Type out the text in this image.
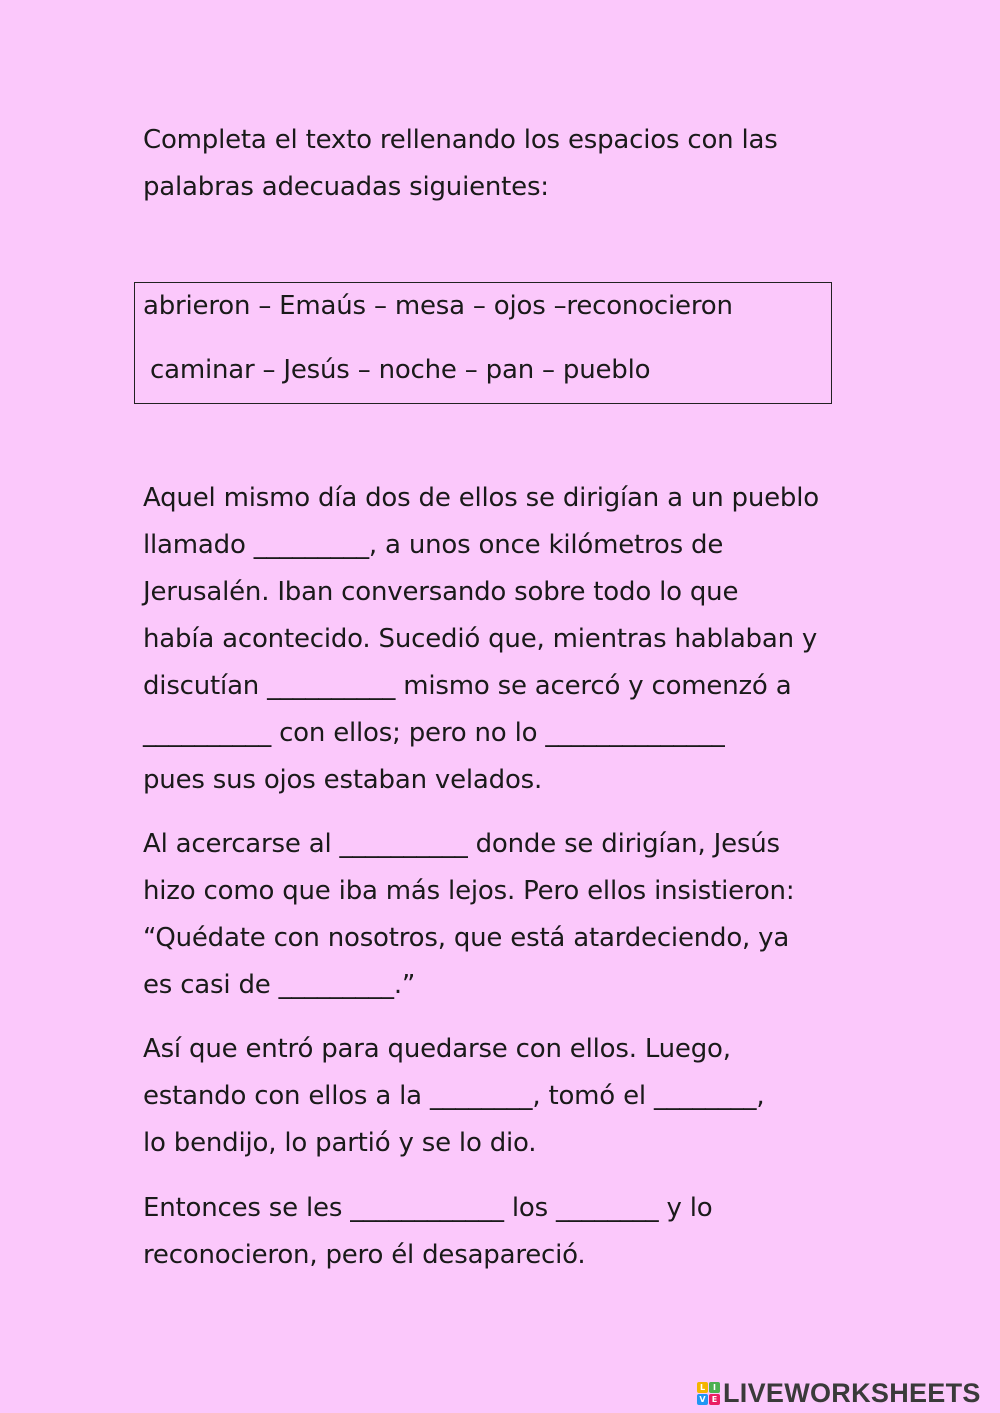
Completa el texto rellenando los espacios con las
palabras adecuadas siguientes:
abrieron – Emaús – mesa – ojos –reconocieron
caminar – Jesús – noche – pan – pueblo
Aquel mismo día dos de ellos se dirigían a un pueblo
llamado _________, a unos once kilómetros de
Jerusalén. Iban conversando sobre todo lo que
había acontecido. Sucedió que, mientras hablaban y
discutían __________ mismo se acercó y comenzó a
__________ con ellos; pero no lo ______________
pues sus ojos estaban velados.
Al acercarse al __________ donde se dirigían, Jesús
hizo como que iba más lejos. Pero ellos insistieron:
“Quédate con nosotros, que está atardeciendo, ya
es casi de _________.”
Así que entró para quedarse con ellos. Luego,
estando con ellos a la ________, tomó el ________,
lo bendijo, lo partió y se lo dio.
Entonces se les ____________ los ________ y lo
reconocieron, pero él desapareció.
L I
V E LIVEWORKSHEETS
